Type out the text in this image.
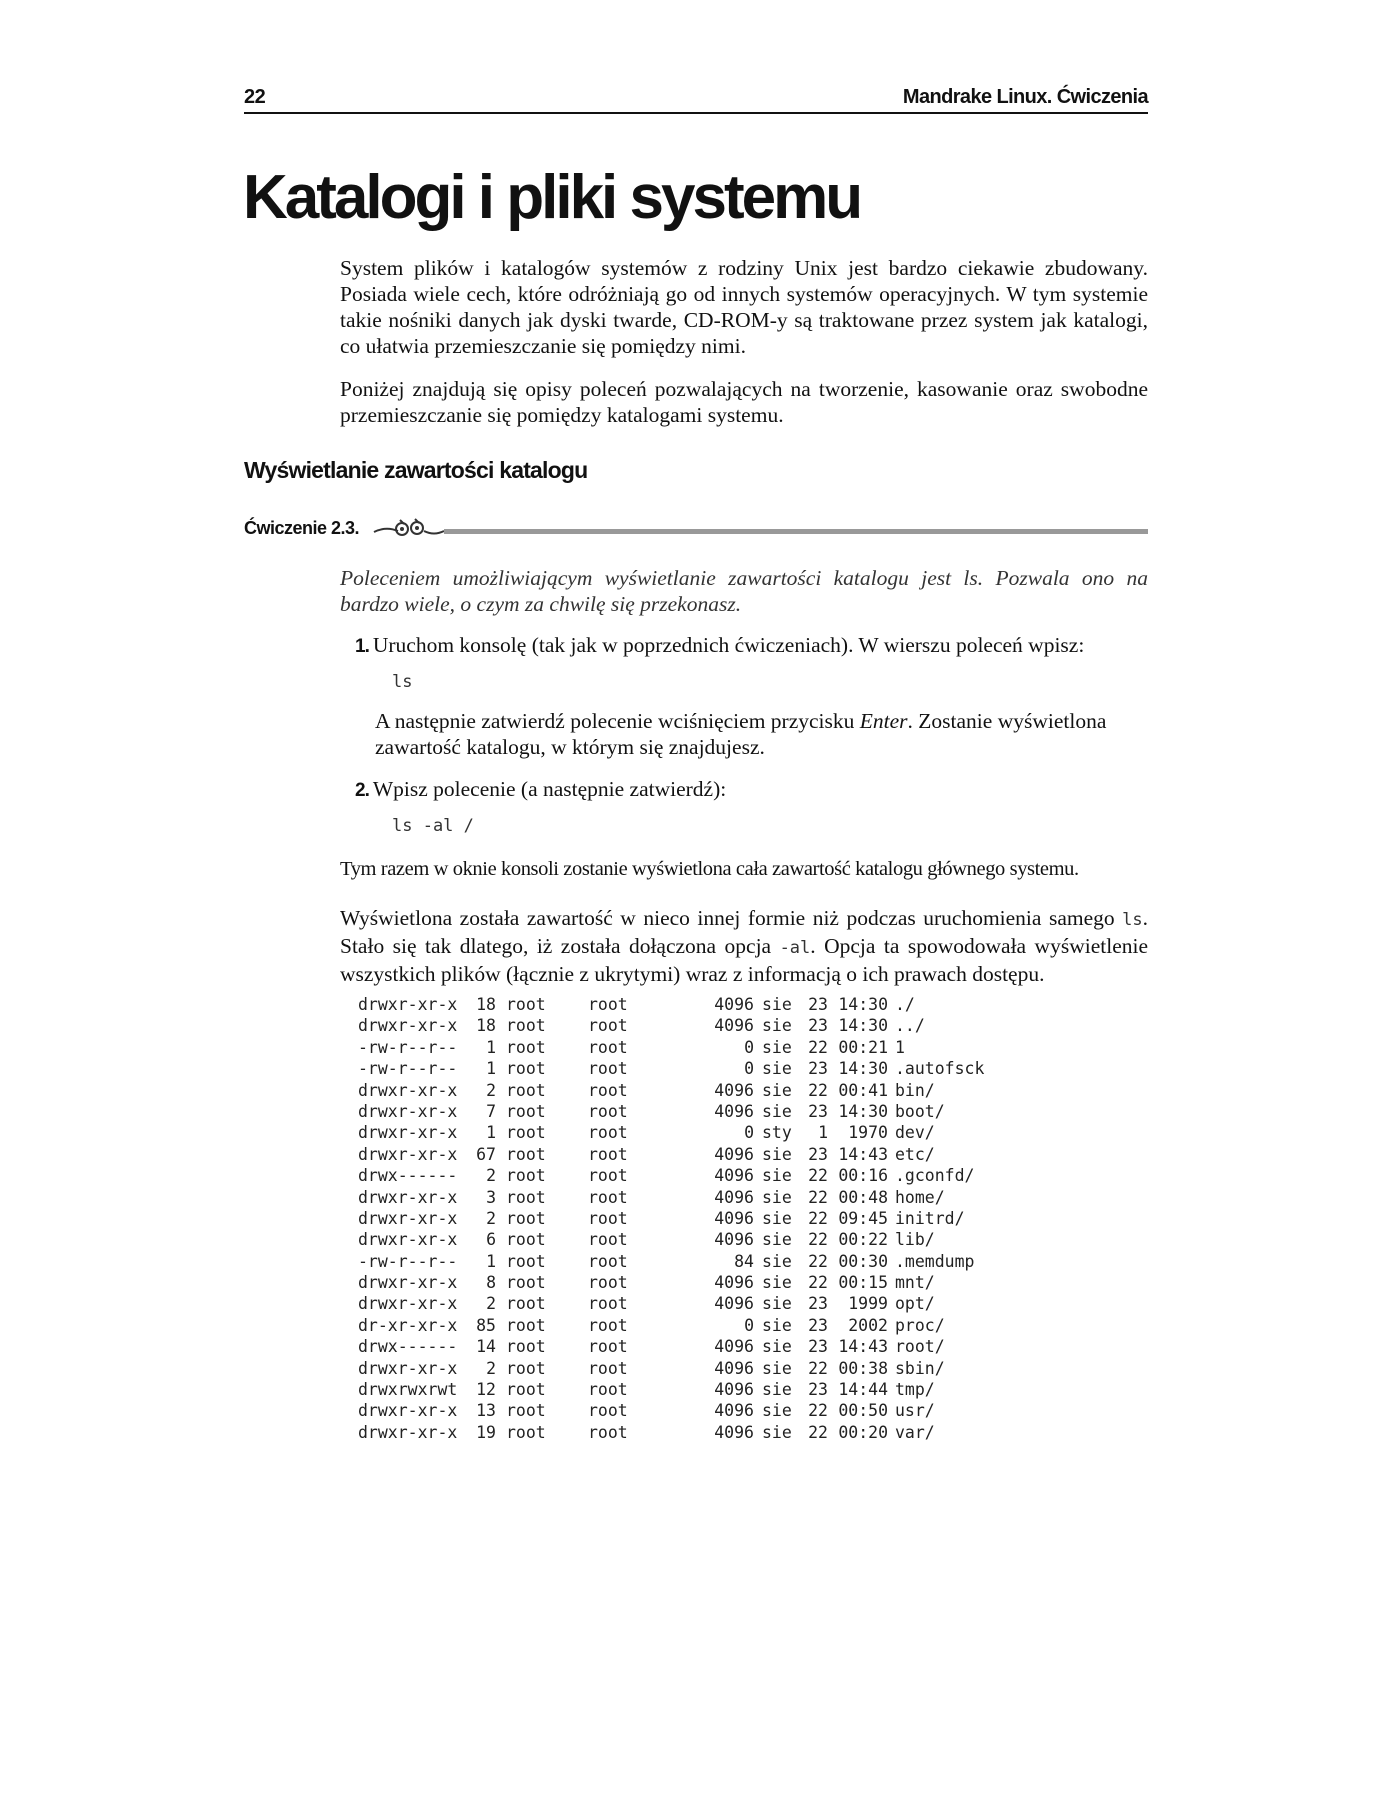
22	Mandrake Linux. Ćwiczenia
Katalogi i pliki systemu

System plików i katalogów systemów z rodziny Unix jest bardzo ciekawie zbudowany. Posiada wiele cech, które odróżniają go od innych systemów operacyjnych. W tym systemie takie nośniki danych jak dyski twarde, CD-ROM-y są traktowane przez system jak katalogi, co ułatwia przemieszczanie się pomiędzy nimi.

Poniżej znajdują się opisy poleceń pozwalających na tworzenie, kasowanie oraz swobodne przemieszczanie się pomiędzy katalogami systemu.

Wyświetlanie zawartości katalogu
Ćwiczenie 2.3.

Poleceniem umożliwiającym wyświetlanie zawartości katalogu jest ls. Pozwala ono na bardzo wiele, o czym za chwilę się przekonasz.

1. Uruchom konsolę (tak jak w poprzednich ćwiczeniach). W wierszu poleceń wpisz:

ls

A następnie zatwierdź polecenie wciśnięciem przycisku Enter. Zostanie wyświetlona zawartość katalogu, w którym się znajdujesz.

2. Wpisz polecenie (a następnie zatwierdź):

ls -al /

Tym razem w oknie konsoli zostanie wyświetlona cała zawartość katalogu głównego systemu.

Wyświetlona została zawartość w nieco innej formie niż podczas uruchomienia samego ls. Stało się tak dlatego, iż została dołączona opcja -al. Opcja ta spowodowała wyświetlenie wszystkich plików (łącznie z ukrytymi) wraz z informacją o ich prawach dostępu.

drwxr-xr-x	18 root	root	4096 sie 23 14:30 ./
drwxr-xr-x	18 root	root	4096 sie 23 14:30 ../
-rw-r--r--	1 root	root	0 sie 22 00:21 1
-rw-r--r--	1 root	root	0 sie 23 14:30 .autofsck
drwxr-xr-x	2 root	root	4096 sie 22 00:41 bin/
drwxr-xr-x	7 root	root	4096 sie 23 14:30 boot/
drwxr-xr-x	1 root	root	0 sty	1	1970 dev/
drwxr-xr-x	67 root	root	4096 sie 23 14:43 etc/
drwx------	2 root	root	4096 sie 22 00:16 .gconfd/
drwxr-xr-x	3 root	root	4096 sie 22 00:48 home/
drwxr-xr-x	2 root	root	4096 sie 22 09:45 initrd/
drwxr-xr-x	6 root	root	4096 sie 22 00:22 lib/
-rw-r--r--	1 root	root	84 sie 22 00:30 .memdump
drwxr-xr-x	8 root	root	4096 sie 22 00:15 mnt/
drwxr-xr-x	2 root	root	4096 sie 23	1999 opt/
dr-xr-xr-x	85 root	root	0 sie 23	2002 proc/
drwx------	14 root	root	4096 sie 23 14:43 root/
drwxr-xr-x	2 root	root	4096 sie 22 00:38 sbin/
drwxrwxrwt	12 root	root	4096 sie 23 14:44 tmp/
drwxr-xr-x	13 root	root	4096 sie 22 00:50 usr/
drwxr-xr-x	19 root	root	4096 sie 22 00:20 var/
